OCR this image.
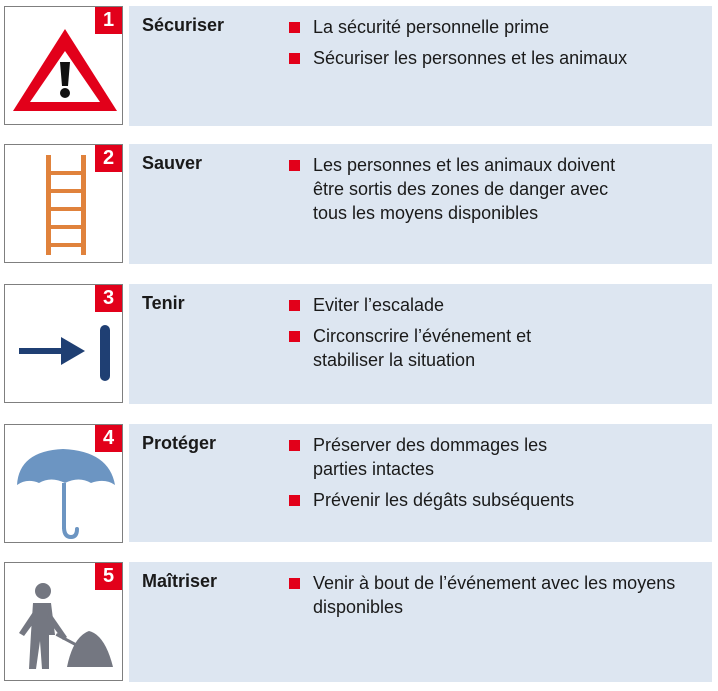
1	Sécuriser	La sécurité personnelle prime
Sécuriser les personnes et les animaux
2	Sauver	Les personnes et les animaux doivent être sortis des zones de danger avec tous les moyens disponibles
3	Tenir	Eviter l’escalade
Circonscrire l’événement et stabiliser la situation
4	Protéger	Préserver des dommages les parties intactes
Prévenir les dégâts subséquents
5	Maîtriser	Venir à bout de l’événement avec les moyens disponibles
